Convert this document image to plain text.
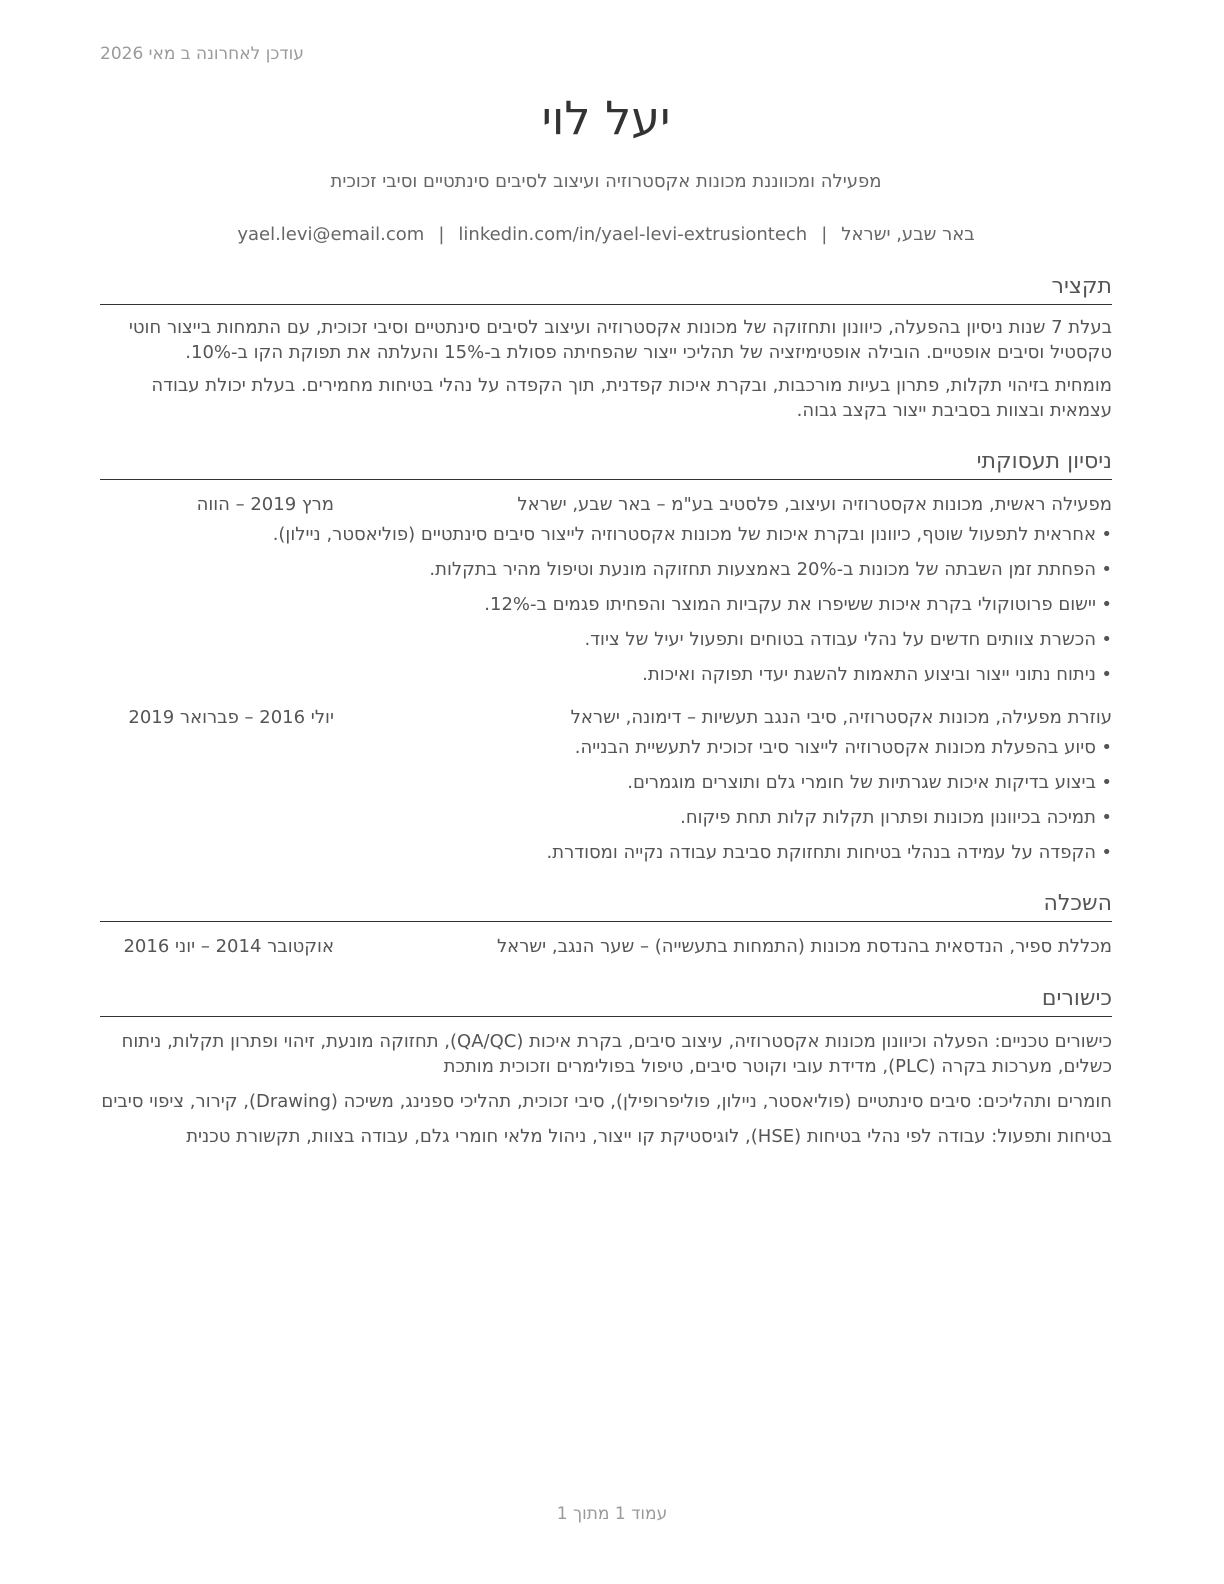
עודכן לאחרונה ב מאי 2026
יעל לוי
מפעילה ומכווננת מכונות אקסטרוזיה ועיצוב לסיבים סינתטיים וסיבי זכוכית
באר שבע, ישראל|yael.levi@email.com | linkedin.com/in/yael-levi-extrusiontech
תקציר
בעלת 7 שנות ניסיון בהפעלה, כיוונון ותחזוקה של מכונות אקסטרוזיה ועיצוב לסיבים סינתטיים וסיבי זכוכית, עם התמחות בייצור חוטי טקסטיל וסיבים אופטיים. הובילה אופטימיזציה של תהליכי ייצור שהפחיתה פסולת ב-15% והעלתה את תפוקת הקו ב-10%.
מומחית בזיהוי תקלות, פתרון בעיות מורכבות, ובקרת איכות קפדנית, תוך הקפדה על נהלי בטיחות מחמירים. בעלת יכולת עבודה עצמאית ובצוות בסביבת ייצור בקצב גבוה.
ניסיון תעסוקתי
מפעילה ראשית, מכונות אקסטרוזיה ועיצוב, פלסטיב בע"מ – באר שבע, ישראל
מרץ 2019 – הווה
•אחראית לתפעול שוטף, כיוונון ובקרת איכות של מכונות אקסטרוזיה לייצור סיבים סינתטיים (פוליאסטר, ניילון).
•הפחתת זמן השבתה של מכונות ב-20% באמצעות תחזוקה מונעת וטיפול מהיר בתקלות.
•יישום פרוטוקולי בקרת איכות ששיפרו את עקביות המוצר והפחיתו פגמים ב-12%.
•הכשרת צוותים חדשים על נהלי עבודה בטוחים ותפעול יעיל של ציוד.
•ניתוח נתוני ייצור וביצוע התאמות להשגת יעדי תפוקה ואיכות.
עוזרת מפעילה, מכונות אקסטרוזיה, סיבי הנגב תעשיות – דימונה, ישראל
יולי 2016 – פברואר 2019
•סיוע בהפעלת מכונות אקסטרוזיה לייצור סיבי זכוכית לתעשיית הבנייה.
•ביצוע בדיקות איכות שגרתיות של חומרי גלם ותוצרים מוגמרים.
•תמיכה בכיוונון מכונות ופתרון תקלות קלות תחת פיקוח.
•הקפדה על עמידה בנהלי בטיחות ותחזוקת סביבת עבודה נקייה ומסודרת.
השכלה
מכללת ספיר, הנדסאית בהנדסת מכונות (התמחות בתעשייה) – שער הנגב, ישראל
אוקטובר 2014 – יוני 2016
כישורים
כישורים טכניים: הפעלה וכיוונון מכונות אקסטרוזיה, עיצוב סיבים, בקרת איכות (QA/QC), תחזוקה מונעת, זיהוי ופתרון תקלות, ניתוח כשלים, מערכות בקרה (PLC), מדידת עובי וקוטר סיבים, טיפול בפולימרים וזכוכית מותכת
חומרים ותהליכים: סיבים סינתטיים (פוליאסטר, ניילון, פוליפרופילן), סיבי זכוכית, תהליכי ספנינג, משיכה (Drawing), קירור, ציפוי סיבים
בטיחות ותפעול: עבודה לפי נהלי בטיחות (HSE), לוגיסטיקת קו ייצור, ניהול מלאי חומרי גלם, עבודה בצוות, תקשורת טכנית
עמוד 1 מתוך 1
